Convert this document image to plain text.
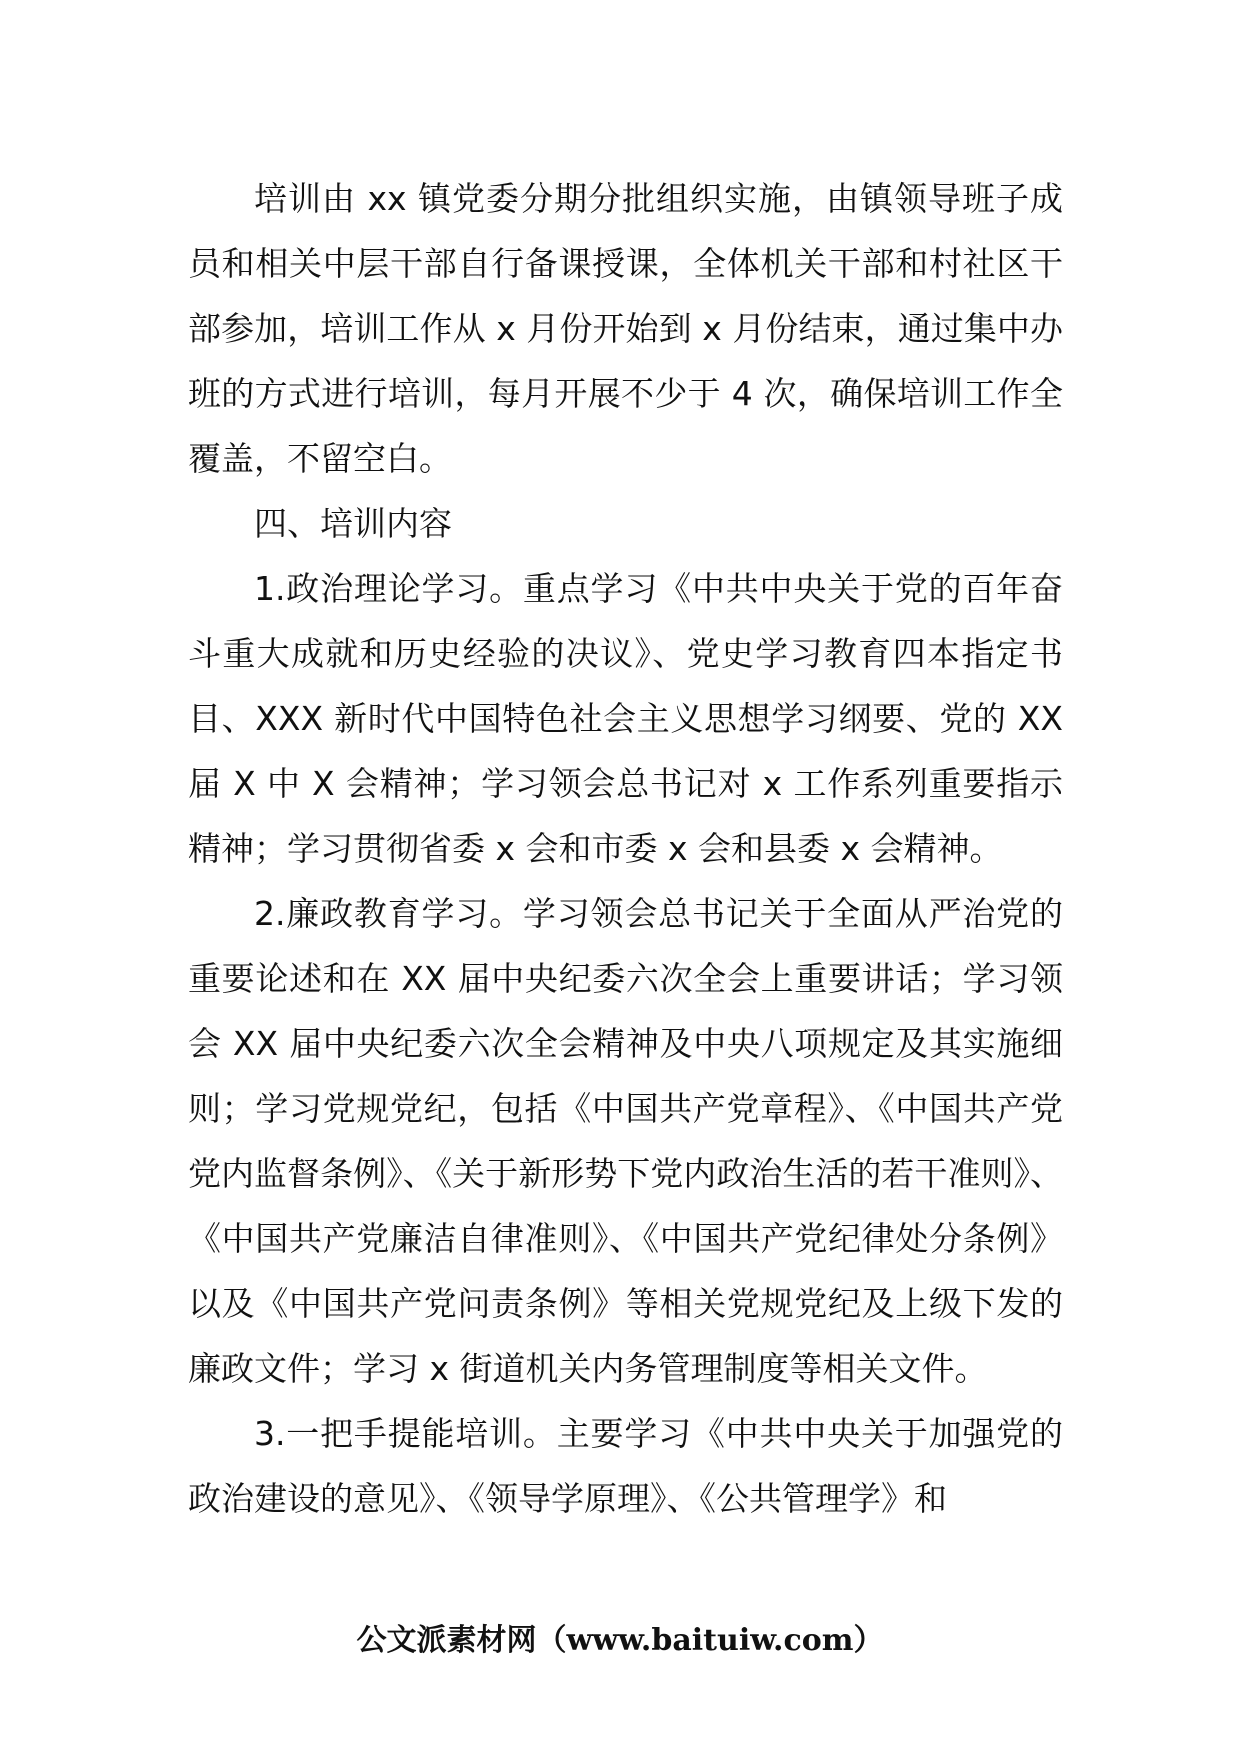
培训由 xx 镇党委分期分批组织实施，由镇领导班子成员和相关中层干部自行备课授课，全体机关干部和村社区干部参加，培训工作从 x 月份开始到 x 月份结束，通过集中办班的方式进行培训，每月开展不少于 4 次，确保培训工作全覆盖，不留空白。

四、培训内容

1.政治理论学习。重点学习《中共中央关于党的百年奋斗重大成就和历史经验的决议》、党史学习教育四本指定书目、XXX 新时代中国特色社会主义思想学习纲要、党的 XX 届 X 中 X 会精神；学习领会总书记对 x 工作系列重要指示精神；学习贯彻省委 x 会和市委 x 会和县委 x 会精神。

2.廉政教育学习。学习领会总书记关于全面从严治党的重要论述和在 XX 届中央纪委六次全会上重要讲话；学习领会 XX 届中央纪委六次全会精神及中央八项规定及其实施细则；学习党规党纪，包括《中国共产党章程》、《中国共产党党内监督条例》、《关于新形势下党内政治生活的若干准则》、《中国共产党廉洁自律准则》、《中国共产党纪律处分条例》以及《中国共产党问责条例》等相关党规党纪及上级下发的廉政文件；学习 x 街道机关内务管理制度等相关文件。

3.一把手提能培训。主要学习《中共中央关于加强党的政治建设的意见》、《领导学原理》、《公共管理学》和

公文派素材网（www.baituiw.com）
